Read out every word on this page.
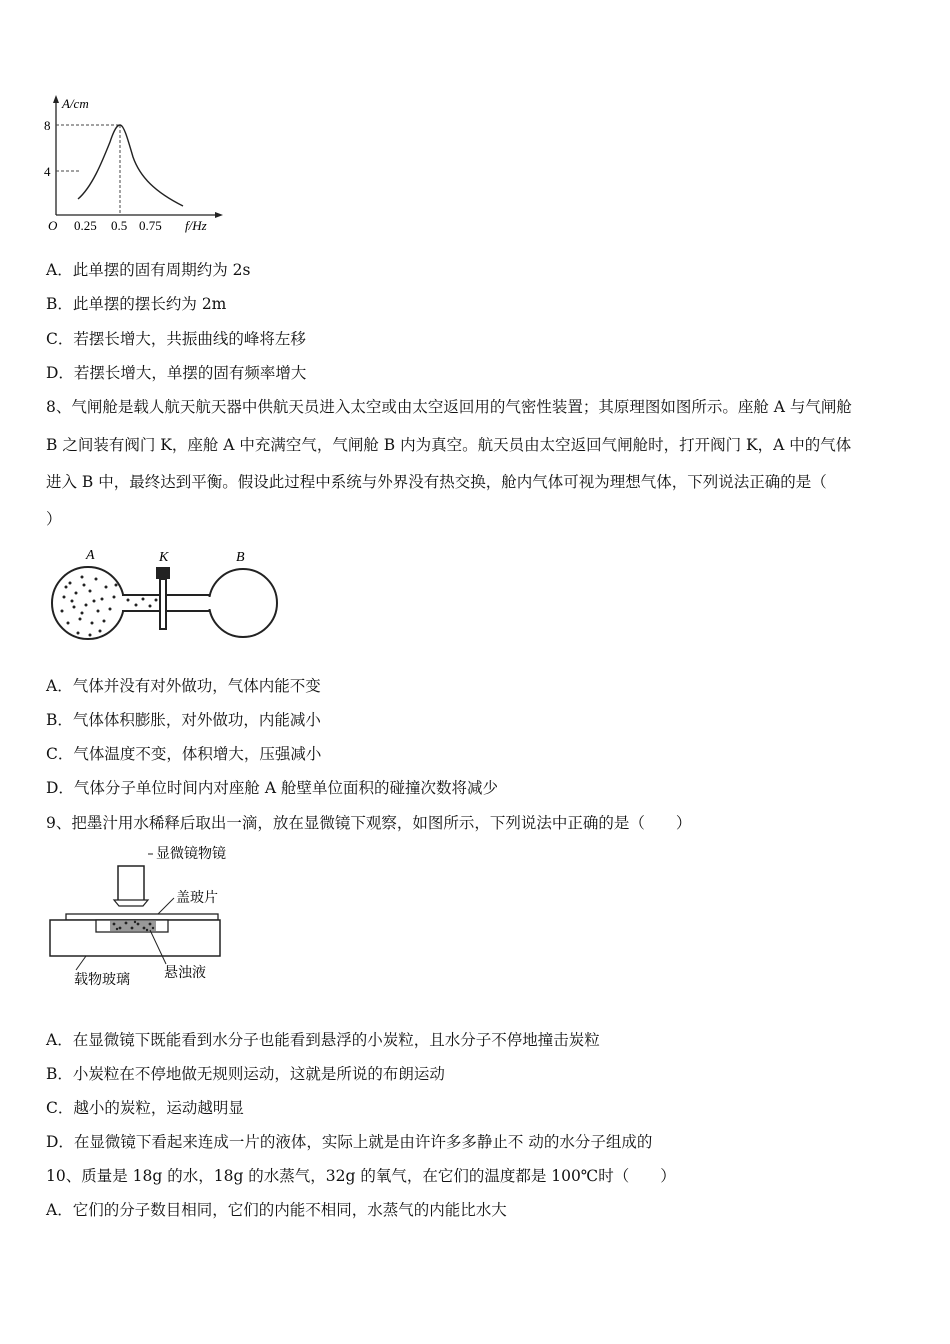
A/cm
8
4
O 0.25 0.5 0.75 f/Hz
A．此单摆的固有周期约为 2s
B．此单摆的摆长约为 2m
C．若摆长增大，共振曲线的峰将左移
D．若摆长增大，单摆的固有频率增大
8、气闸舱是载人航天航天器中供航天员进入太空或由太空返回用的气密性装置；其原理图如图所示。座舱 A 与气闸舱
B 之间装有阀门 K，座舱 A 中充满空气，气闸舱 B 内为真空。航天员由太空返回气闸舱时，打开阀门 K，A 中的气体
进入 B 中，最终达到平衡。假设此过程中系统与外界没有热交换，舱内气体可视为理想气体，下列说法正确的是（
）
A	K	B
A．气体并没有对外做功，气体内能不变
B．气体体积膨胀，对外做功，内能减小
C．气体温度不变，体积增大，压强减小
D．气体分子单位时间内对座舱 A 舱壁单位面积的碰撞次数将减少
9、把墨汁用水稀释后取出一滴，放在显微镜下观察，如图所示，下列说法中正确的是（　　）
显微镜物镜
盖玻片
悬浊液
载物玻璃
A．在显微镜下既能看到水分子也能看到悬浮的小炭粒，且水分子不停地撞击炭粒
B．小炭粒在不停地做无规则运动，这就是所说的布朗运动
C．越小的炭粒，运动越明显
D．在显微镜下看起来连成一片的液体，实际上就是由许许多多静止不 动的水分子组成的
10、质量是 18g 的水，18g 的水蒸气，32g 的氧气，在它们的温度都是 100℃时（　　）
A．它们的分子数目相同，它们的内能不相同，水蒸气的内能比水大
